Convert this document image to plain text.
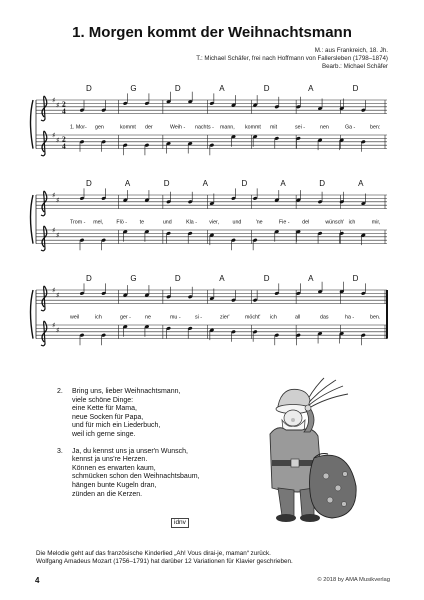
1. Morgen kommt der Weihnachtsmann
M.: aus Frankreich, 18. Jh.
T.: Michael Schäfer, frei nach Hoffmann von Fallersleben (1798–1874)
Bearb.: Michael Schäfer
♯
♯ 2
4
♯
♯ 2
4
D	G	D	A	D	A	D
1. Mor- gen	kommt der	Weih - nachts - mann, kommt mit	sei -	nen	Ga -	ben:
♯
♯
♯
♯
D	A	D	A	D	A	D	A
Trom - mel, Flö - te	und	Kla - vier,	und	'ne	Fie - del	wünsch' ich	mir,
♯
♯
♯
♯
D	G	D	A	D	A	D
weil	ich	ger -	ne	mu -	si -	zier'	möcht' ich	all	das	ha -	ben.
2. Bring uns, lieber Weihnachtsmann,
viele schöne Dinge:
eine Kette für Mama,
neue Socken für Papa,
und für mich ein Liederbuch,
weil ich gerne singe.
3. Ja, du kennst uns ja unser'n Wunsch,
kennst ja uns're Herzen.
Können es erwarten kaum,
schmücken schon den Weihnachtsbaum,
hängen bunte Kugeln dran,
zünden an die Kerzen.
idnv
Die Melodie geht auf das französische Kinderlied „Ah! Vous dirai-je, maman“ zurück.
Wolfgang Amadeus Mozart (1756–1791) hat darüber 12 Variationen für Klavier geschrieben.
4	© 2018 by AMA Musikverlag
